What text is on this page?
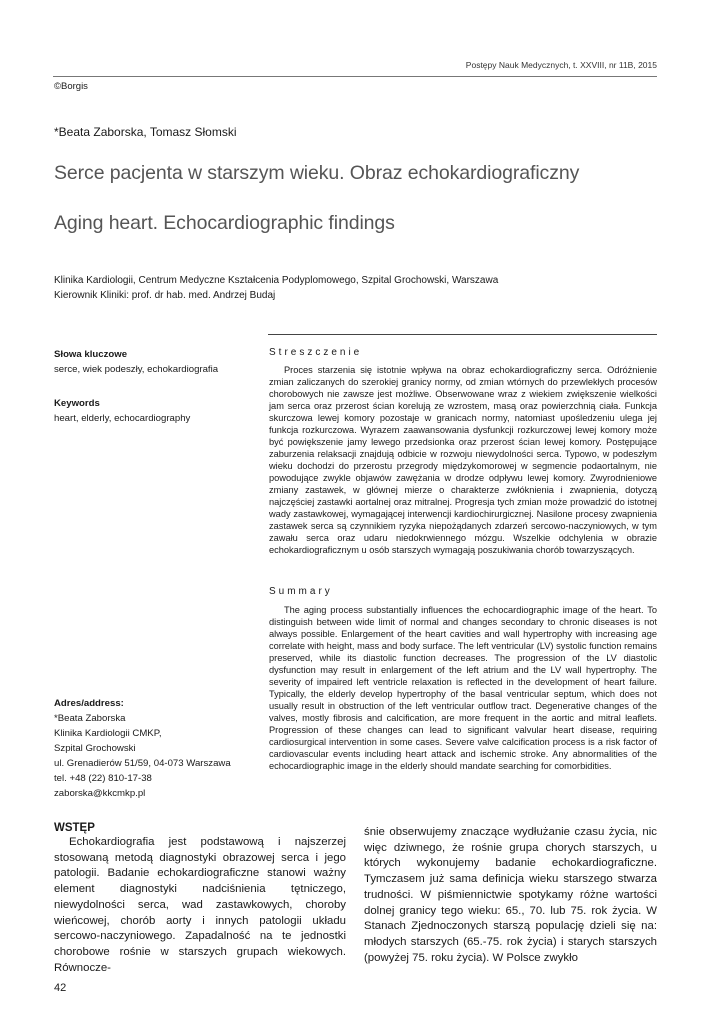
Postępy Nauk Medycznych, t. XXVIII, nr 11B, 2015
©Borgis
*Beata Zaborska, Tomasz Słomski
Serce pacjenta w starszym wieku. Obraz echokardiograficzny
Aging heart. Echocardiographic findings
Klinika Kardiologii, Centrum Medyczne Kształcenia Podyplomowego, Szpital Grochowski, Warszawa
Kierownik Kliniki: prof. dr hab. med. Andrzej Budaj
Słowa kluczowe
serce, wiek podeszły, echokardiografia
Keywords
heart, elderly, echocardiography
Adres/address:
*Beata Zaborska
Klinika Kardiologii CMKP,
Szpital Grochowski
ul. Grenadierów 51/59, 04-073 Warszawa
tel. +48 (22) 810-17-38
zaborska@kkcmkp.pl
Streszczenie

Proces starzenia się istotnie wpływa na obraz echokardiograficzny serca. Odróżnienie zmian zaliczanych do szerokiej granicy normy, od zmian wtórnych do przewlekłych procesów chorobowych nie zawsze jest możliwe. Obserwowane wraz z wiekiem zwiększenie wielkości jam serca oraz przerost ścian korelują ze wzrostem, masą oraz powierzchnią ciała. Funkcja skurczowa lewej komory pozostaje w granicach normy, natomiast upośledzeniu ulega jej funkcja rozkurczowa. Wyrazem zaawansowania dysfunkcji rozkurczowej lewej komory może być powiększenie jamy lewego przedsionka oraz przerost ścian lewej komory. Postępujące zaburzenia relaksacji znajdują odbicie w rozwoju niewydolności serca. Typowo, w podeszłym wieku dochodzi do przerostu przegrody międzykomorowej w segmencie podaortalnym, nie powodujące zwykle objawów zawężania w drodze odpływu lewej komory. Zwyrodnieniowe zmiany zastawek, w głównej mierze o charakterze zwłóknienia i zwapnienia, dotyczą najczęściej zastawki aortalnej oraz mitralnej. Progresja tych zmian może prowadzić do istotnej wady zastawkowej, wymagającej interwencji kardiochirurgicznej. Nasilone procesy zwapnienia zastawek serca są czynnikiem ryzyka niepożądanych zdarzeń sercowo-naczyniowych, w tym zawału serca oraz udaru niedokrwiennego mózgu. Wszelkie odchylenia w obrazie echokardiograficznym u osób starszych wymagają poszukiwania chorób towarzyszących.

Summary

The aging process substantially influences the echocardiographic image of the heart. To distinguish between wide limit of normal and changes secondary to chronic diseases is not always possible. Enlargement of the heart cavities and wall hypertrophy with increasing age correlate with height, mass and body surface. The left ventricular (LV) systolic function remains preserved, while its diastolic function decreases. The progression of the LV diastolic dysfunction may result in enlargement of the left atrium and the LV wall hypertrophy. The severity of impaired left ventricle relaxation is reflected in the development of heart failure. Typically, the elderly develop hypertrophy of the basal ventricular septum, which does not usually result in obstruction of the left ventricular outflow tract. Degenerative changes of the valves, mostly fibrosis and calcification, are more frequent in the aortic and mitral leaflets. Progression of these changes can lead to significant valvular heart disease, requiring cardiosurgical intervention in some cases. Severe valve calcification process is a risk factor of cardiovascular events including heart attack and ischemic stroke. Any abnormalities of the echocardiographic image in the elderly should mandate searching for comorbidities.

WSTĘP

Echokardiografia jest podstawową i najszerzej stosowaną metodą diagnostyki obrazowej serca i jego patologii. Badanie echokardiograficzne stanowi ważny element diagnostyki nadciśnienia tętniczego, niewydolności serca, wad zastawkowych, choroby wieńcowej, chorób aorty i innych patologii układu sercowo-naczyniowego. Zapadalność na te jednostki chorobowe rośnie w starszych grupach wiekowych. Równocze-

śnie obserwujemy znaczące wydłużanie czasu życia, nic więc dziwnego, że rośnie grupa chorych starszych, u których wykonujemy badanie echokardiograficzne. Tymczasem już sama definicja wieku starszego stwarza trudności. W piśmiennictwie spotykamy różne wartości dolnej granicy tego wieku: 65., 70. lub 75. rok życia. W Stanach Zjednoczonych starszą populację dzieli się na: młodych starszych (65.-75. rok życia) i starych starszych (powyżej 75. roku życia). W Polsce zwykło

42
